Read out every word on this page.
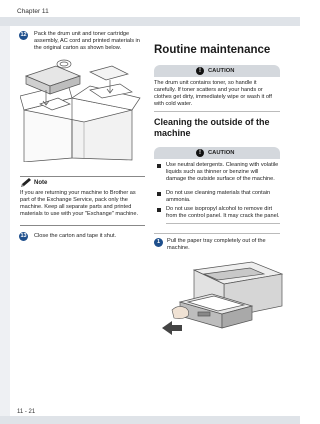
Chapter 11
12 Pack the drum unit and toner cartridge assembly, AC cord and printed materials in the original carton as shown below.
Note
If you are returning your machine to Brother as part of the Exchange Service, pack only the machine. Keep all separate parts and printed materials to use with your "Exchange" machine.
13 Close the carton and tape it shut.
Routine maintenance
!	CAUTION
The drum unit contains toner, so handle it carefully. If toner scatters and your hands or clothes get dirty, immediately wipe or wash it off with cold water.
Cleaning the outside of the machine
!	CAUTION
Use neutral detergents. Cleaning with volatile liquids such as thinner or benzine will damage the outside surface of the machine.
Do not use cleaning materials that contain ammonia.
Do not use isopropyl alcohol to remove dirt from the control panel. It may crack the panel.
1	Pull the paper tray completely out of the machine.
11 - 21
